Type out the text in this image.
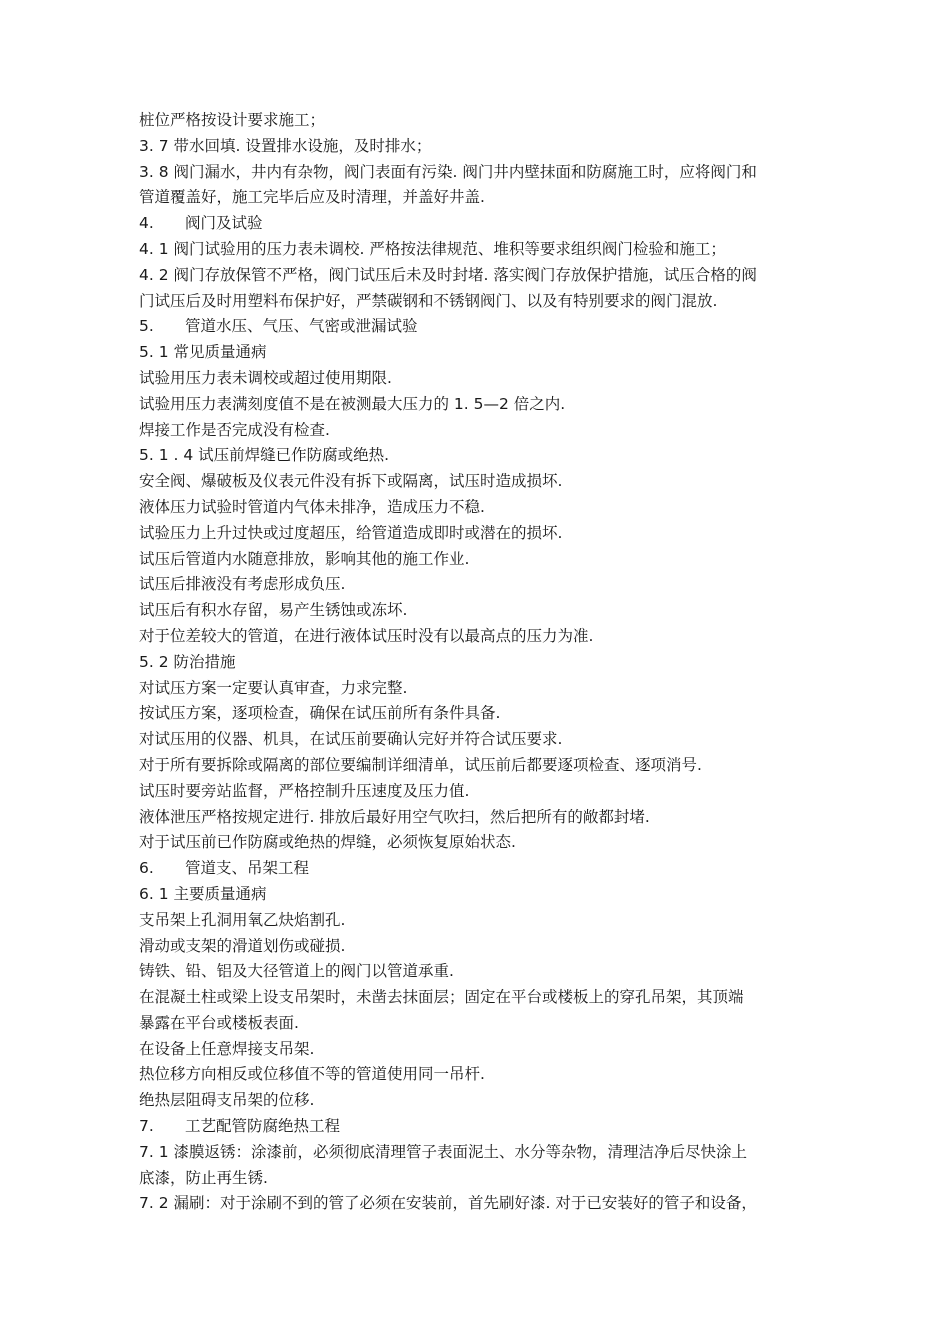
桩位严格按设计要求施工；
3. 7 带水回填. 设置排水设施，及时排水；
3. 8 阀门漏水，井内有杂物，阀门表面有污染. 阀门井内壁抹面和防腐施工时，应将阀门和
管道覆盖好，施工完毕后应及时清理，并盖好井盖.
4. 阀门及试验
4. 1 阀门试验用的压力表未调校. 严格按法律规范、堆积等要求组织阀门检验和施工；
4. 2 阀门存放保管不严格，阀门试压后未及时封堵. 落实阀门存放保护措施，试压合格的阀
门试压后及时用塑料布保护好，严禁碳钢和不锈钢阀门、以及有特别要求的阀门混放.
5. 管道水压、气压、气密或泄漏试验
5. 1 常见质量通病
试验用压力表未调校或超过使用期限.
试验用压力表满刻度值不是在被测最大压力的 1. 5—2 倍之内.
焊接工作是否完成没有检查.
5. 1 . 4 试压前焊缝已作防腐或绝热.
安全阀、爆破板及仪表元件没有拆下或隔离，试压时造成损坏.
液体压力试验时管道内气体未排净，造成压力不稳.
试验压力上升过快或过度超压，给管道造成即时或潜在的损坏.
试压后管道内水随意排放，影响其他的施工作业.
试压后排液没有考虑形成负压.
试压后有积水存留，易产生锈蚀或冻坏.
对于位差较大的管道，在进行液体试压时没有以最高点的压力为准.
5. 2 防治措施
对试压方案一定要认真审查，力求完整.
按试压方案，逐项检查，确保在试压前所有条件具备.
对试压用的仪器、机具，在试压前要确认完好并符合试压要求.
对于所有要拆除或隔离的部位要编制详细清单，试压前后都要逐项检查、逐项消号.
试压时要旁站监督，严格控制升压速度及压力值.
液体泄压严格按规定进行. 排放后最好用空气吹扫，然后把所有的敞都封堵.
对于试压前已作防腐或绝热的焊缝，必须恢复原始状态.
6. 管道支、吊架工程
6. 1 主要质量通病
支吊架上孔洞用氧乙炔焰割孔.
滑动或支架的滑道划伤或碰损.
铸铁、铅、铝及大径管道上的阀门以管道承重.
在混凝土柱或梁上设支吊架时，未凿去抹面层；固定在平台或楼板上的穿孔吊架，其顶端
暴露在平台或楼板表面.
在设备上任意焊接支吊架.
热位移方向相反或位移值不等的管道使用同一吊杆.
绝热层阻碍支吊架的位移.
7. 工艺配管防腐绝热工程
7. 1 漆膜返锈：涂漆前，必须彻底清理管子表面泥土、水分等杂物，清理洁净后尽快涂上
底漆，防止再生锈.
7. 2 漏刷：对于涂刷不到的管了必须在安装前，首先刷好漆. 对于已安装好的管子和设备，
